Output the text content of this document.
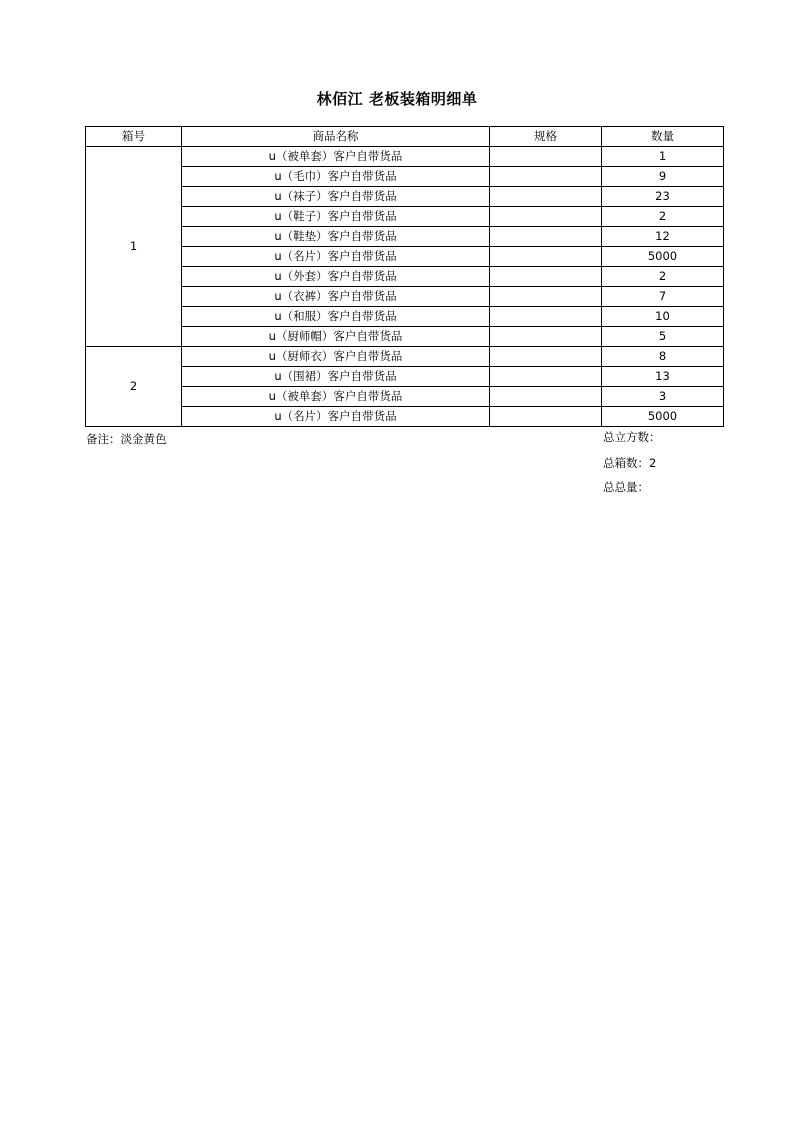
林佰江 老板装箱明细单
箱号	商品名称	规格	数量
1	u（被单套）客户自带货品		1
	u（毛巾）客户自带货品		9
	u（袜子）客户自带货品		23
	u（鞋子）客户自带货品		2
	u（鞋垫）客户自带货品		12
	u（名片）客户自带货品		5000
	u（外套）客户自带货品		2
	u（衣裤）客户自带货品		7
	u（和服）客户自带货品		10
	u（厨师帽）客户自带货品		5
2	u（厨师衣）客户自带货品		8
	u（围裙）客户自带货品		13
	u（被单套）客户自带货品		3
	u（名片）客户自带货品		5000
备注：淡金黄色	总立方数：
总箱数：2
总总量：
